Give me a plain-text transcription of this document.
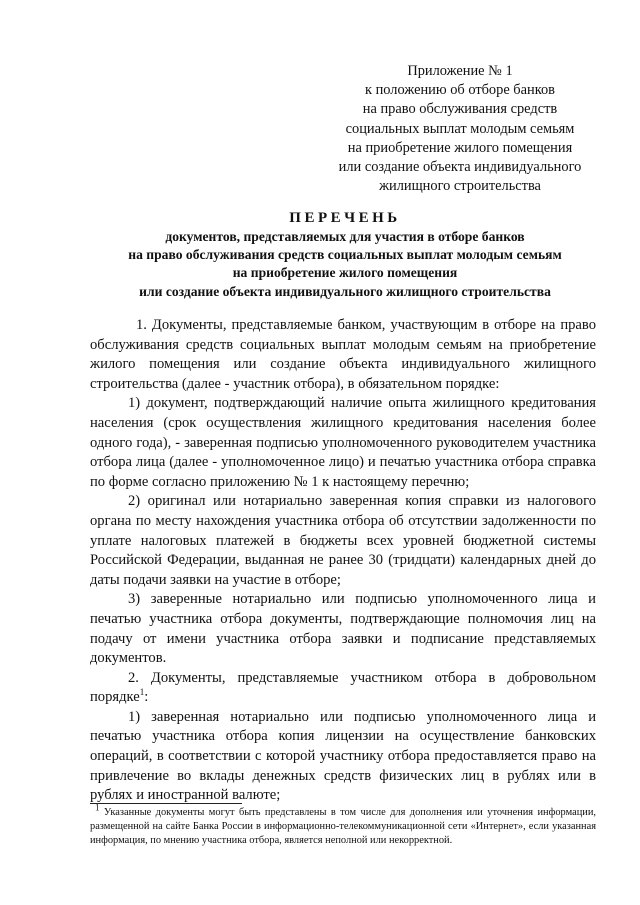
Приложение № 1
к положению об отборе банков
на право обслуживания средств
социальных выплат молодым семьям
на приобретение жилого помещения
или создание объекта индивидуального
жилищного строительства
ПЕРЕЧЕНЬ
документов, представляемых для участия в отборе банков
на право обслуживания средств социальных выплат молодым семьям
на приобретение жилого помещения
или создание объекта индивидуального жилищного строительства
1. Документы, представляемые банком, участвующим в отборе на право обслуживания средств социальных выплат молодым семьям на приобретение жилого помещения или создание объекта индивидуального жилищного строительства (далее - участник отбора), в обязательном порядке:
1) документ, подтверждающий наличие опыта жилищного кредитования населения (срок осуществления жилищного кредитования населения более одного года), - заверенная подписью уполномоченного руководителем участника отбора лица (далее - уполномоченное лицо) и печатью участника отбора справка по форме согласно приложению № 1 к настоящему перечню;
2) оригинал или нотариально заверенная копия справки из налогового органа по месту нахождения участника отбора об отсутствии задолженности по уплате налоговых платежей в бюджеты всех уровней бюджетной системы Российской Федерации, выданная не ранее 30 (тридцати) календарных дней до даты подачи заявки на участие в отборе;
3) заверенные нотариально или подписью уполномоченного лица и печатью участника отбора документы, подтверждающие полномочия лиц на подачу от имени участника отбора заявки и подписание представляемых документов.
2. Документы, представляемые участником отбора в добровольном порядке$^1$:
1) заверенная нотариально или подписью уполномоченного лица и печатью участника отбора копия лицензии на осуществление банковских операций, в соответствии с которой участнику отбора предоставляется право на привлечение во вклады денежных средств физических лиц в рублях или в рублях и иностранной валюте;
$^1$ Указанные документы могут быть представлены в том числе для дополнения или уточнения информации, размещенной на сайте Банка России в информационно-телекоммуникационной сети «Интернет», если указанная информация, по мнению участника отбора, является неполной или некорректной.
